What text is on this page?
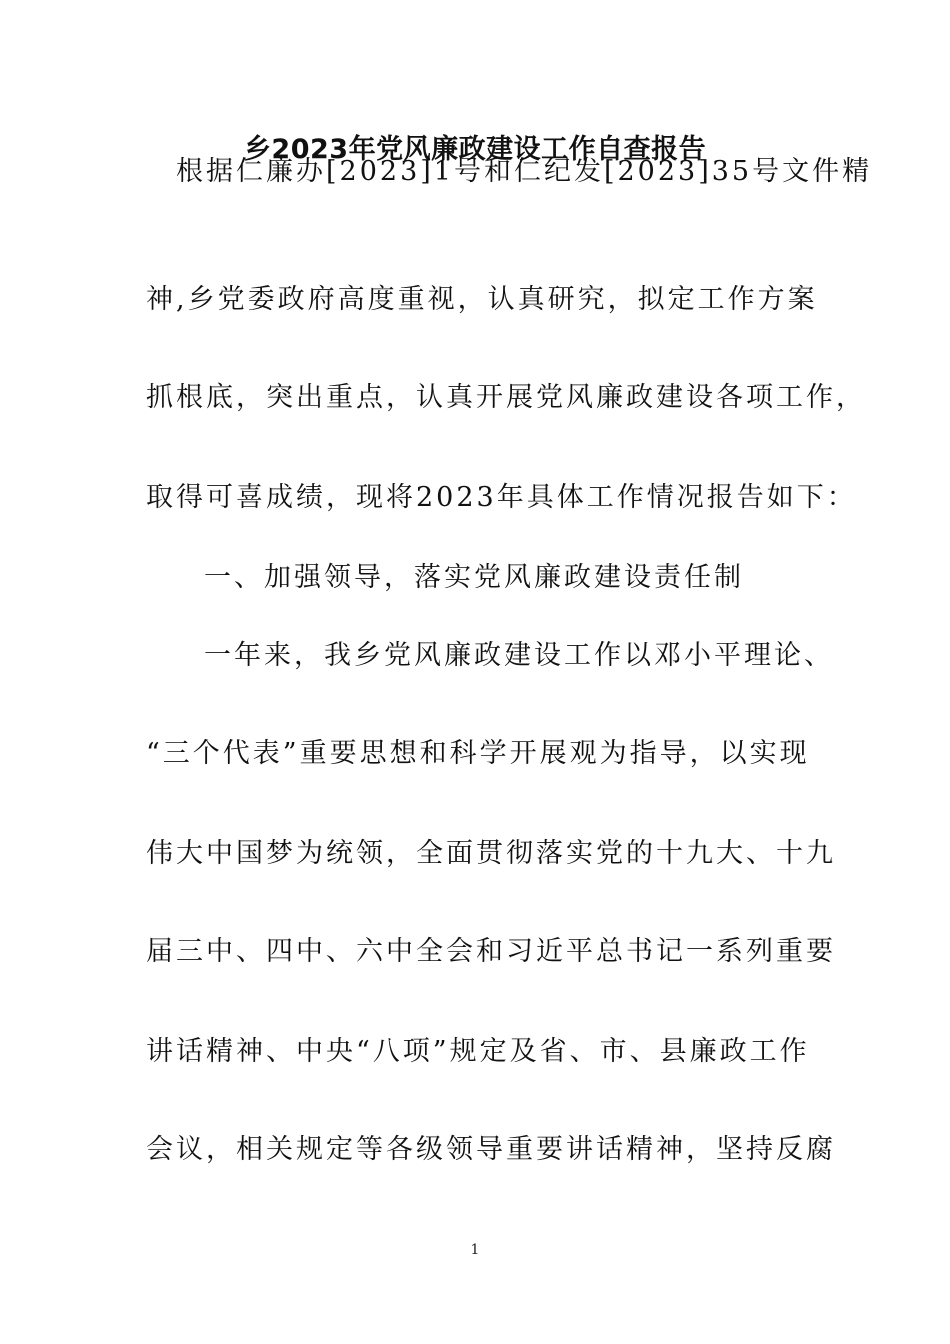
乡2023年党风廉政建设工作自查报告
根据仁廉办[2023]1号和仁纪发[2023]35号文件精
神,乡党委政府高度重视，认真研究，拟定工作方案
抓根底，突出重点，认真开展党风廉政建设各项工作，
取得可喜成绩，现将2023年具体工作情况报告如下：
一、加强领导，落实党风廉政建设责任制
一年来，我乡党风廉政建设工作以邓小平理论、
“三个代表”重要思想和科学开展观为指导，以实现
伟大中国梦为统领，全面贯彻落实党的十九大、十九
届三中、四中、六中全会和习近平总书记一系列重要
讲话精神、中央“八项”规定及省、市、县廉政工作
会议，相关规定等各级领导重要讲话精神，坚持反腐
1
